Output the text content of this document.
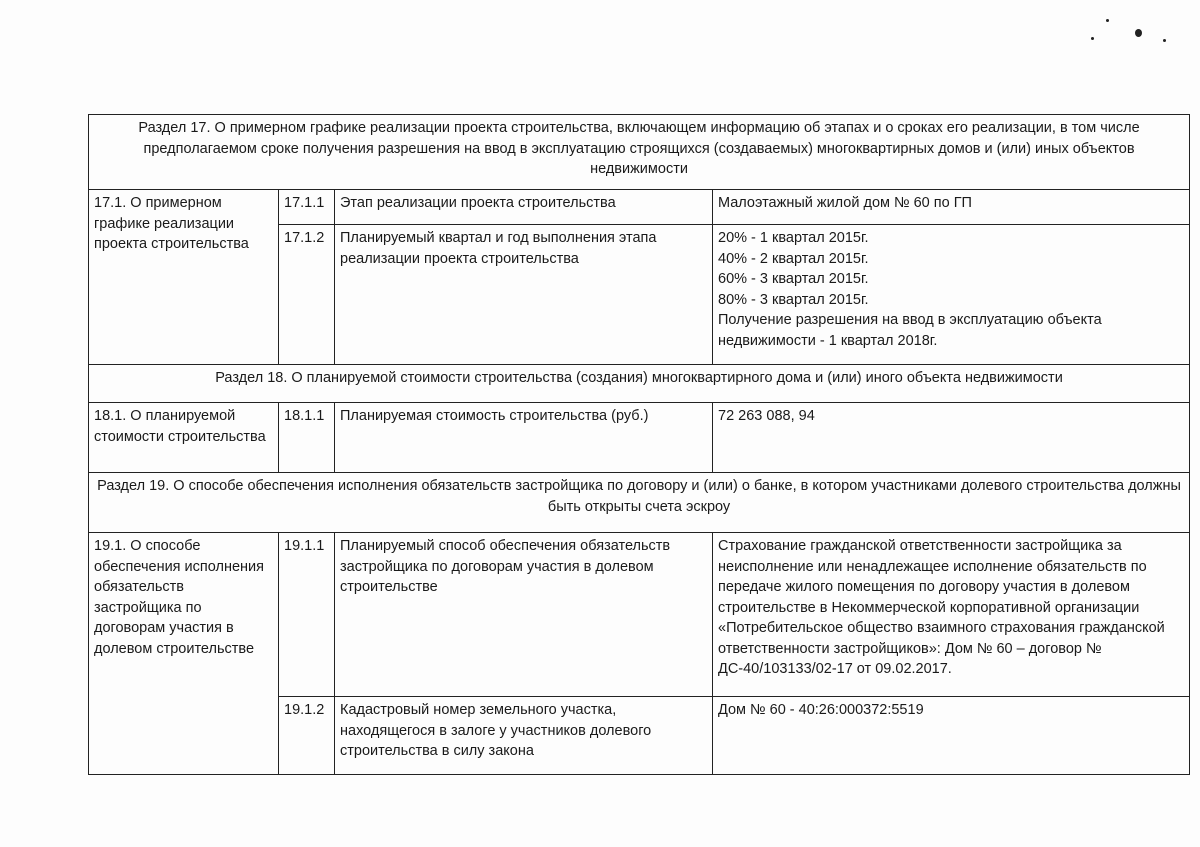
Раздел 17. О примерном графике реализации проекта строительства, включающем информацию об этапах и о сроках его реализации, в том числе предполагаемом сроке получения разрешения на ввод в эксплуатацию строящихся (создаваемых) многоквартирных домов и (или) иных объектов недвижимости			
17.1. О примерном графике реализации проекта строительства	17.1.1	Этап реализации проекта строительства	Малоэтажный жилой дом № 60 по ГП

	17.1.2	Планируемый квартал и год выполнения этапа реализации проекта строительства	20% - 1 квартал 2015г.
40% - 2 квартал 2015г.
60% - 3 квартал 2015г.
80% - 3 квартал 2015г.
Получение разрешения на ввод в эксплуатацию объекта недвижимости - 1 квартал 2018г.

Раздел 18. О планируемой стоимости строительства (создания) многоквартирного дома и (или) иного объекта недвижимости			
18.1. О планируемой стоимости строительства	18.1.1	Планируемая стоимость строительства (руб.)	72 263 088, 94

Раздел 19. О способе обеспечения исполнения обязательств застройщика по договору и (или) о банке, в котором участниками долевого строительства должны быть открыты счета эскроу			
19.1. О способе обеспечения исполнения обязательств застройщика по договорам участия в долевом строительстве	19.1.1	Планируемый способ обеспечения обязательств застройщика по договорам участия в долевом строительстве	Страхование гражданской ответственности застройщика за неисполнение или ненадлежащее исполнение обязательств по передаче жилого помещения по договору участия в долевом строительстве в Некоммерческой корпоративной организации «Потребительское общество взаимного страхования гражданской ответственности застройщиков»: Дом № 60 – договор № ДС-40/103133/02-17 от 09.02.2017.

	19.1.2	Кадастровый номер земельного участка, находящегося в залоге у участников долевого строительства в силу закона	Дом № 60 - 40:26:000372:5519
